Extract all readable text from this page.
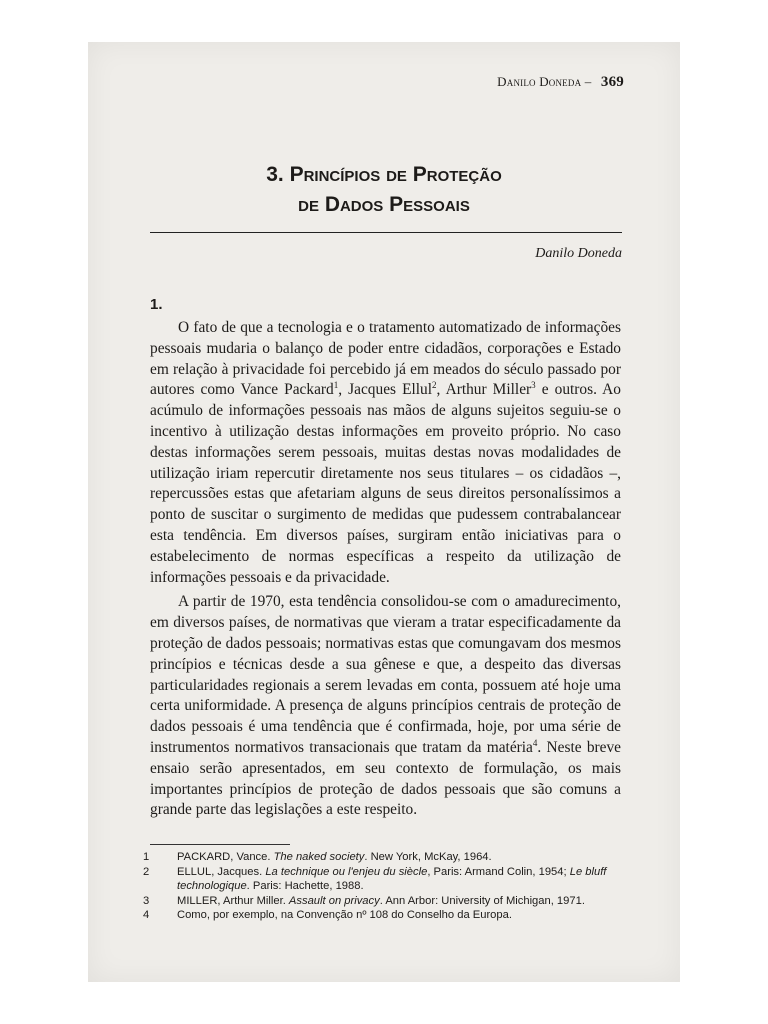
Danilo Doneda – 369
3. Princípios de Proteção
de Dados Pessoais
Danilo Doneda
1.

O fato de que a tecnologia e o tratamento automatizado de informações pessoais mudaria o balanço de poder entre cidadãos, corporações e Estado em relação à privacidade foi percebido já em meados do século passado por autores como Vance Packard$^1$, Jacques Ellul$^2$, Arthur Miller$^3$ e outros. Ao acúmulo de informações pessoais nas mãos de alguns sujeitos seguiu-se o incentivo à utilização destas informações em proveito próprio. No caso destas informações serem pessoais, muitas destas novas modalidades de utilização iriam repercutir diretamente nos seus titulares – os cidadãos –, repercussões estas que afetariam alguns de seus direitos personalíssimos a ponto de suscitar o surgimento de medidas que pudessem contrabalancear esta tendência. Em diversos países, surgiram então iniciativas para o estabelecimento de normas específicas a respeito da utilização de informações pessoais e da privacidade.

A partir de 1970, esta tendência consolidou-se com o amadurecimento, em diversos países, de normativas que vieram a tratar especificadamente da proteção de dados pessoais; normativas estas que comungavam dos mesmos princípios e técnicas desde a sua gênese e que, a despeito das diversas particularidades regionais a serem levadas em conta, possuem até hoje uma certa uniformidade. A presença de alguns princípios centrais de proteção de dados pessoais é uma tendência que é confirmada, hoje, por uma série de instrumentos normativos transacionais que tratam da matéria$^4$. Neste breve ensaio serão apresentados, em seu contexto de formulação, os mais importantes princípios de proteção de dados pessoais que são comuns a grande parte das legislações a este respeito.

1	PACKARD, Vance. The naked society. New York, McKay, 1964.
2	ELLUL, Jacques. La technique ou l'enjeu du siècle, Paris: Armand Colin, 1954; Le bluff technologique. Paris: Hachette, 1988.
3	MILLER, Arthur Miller. Assault on privacy. Ann Arbor: University of Michigan, 1971.
4	Como, por exemplo, na Convenção nº 108 do Conselho da Europa.
